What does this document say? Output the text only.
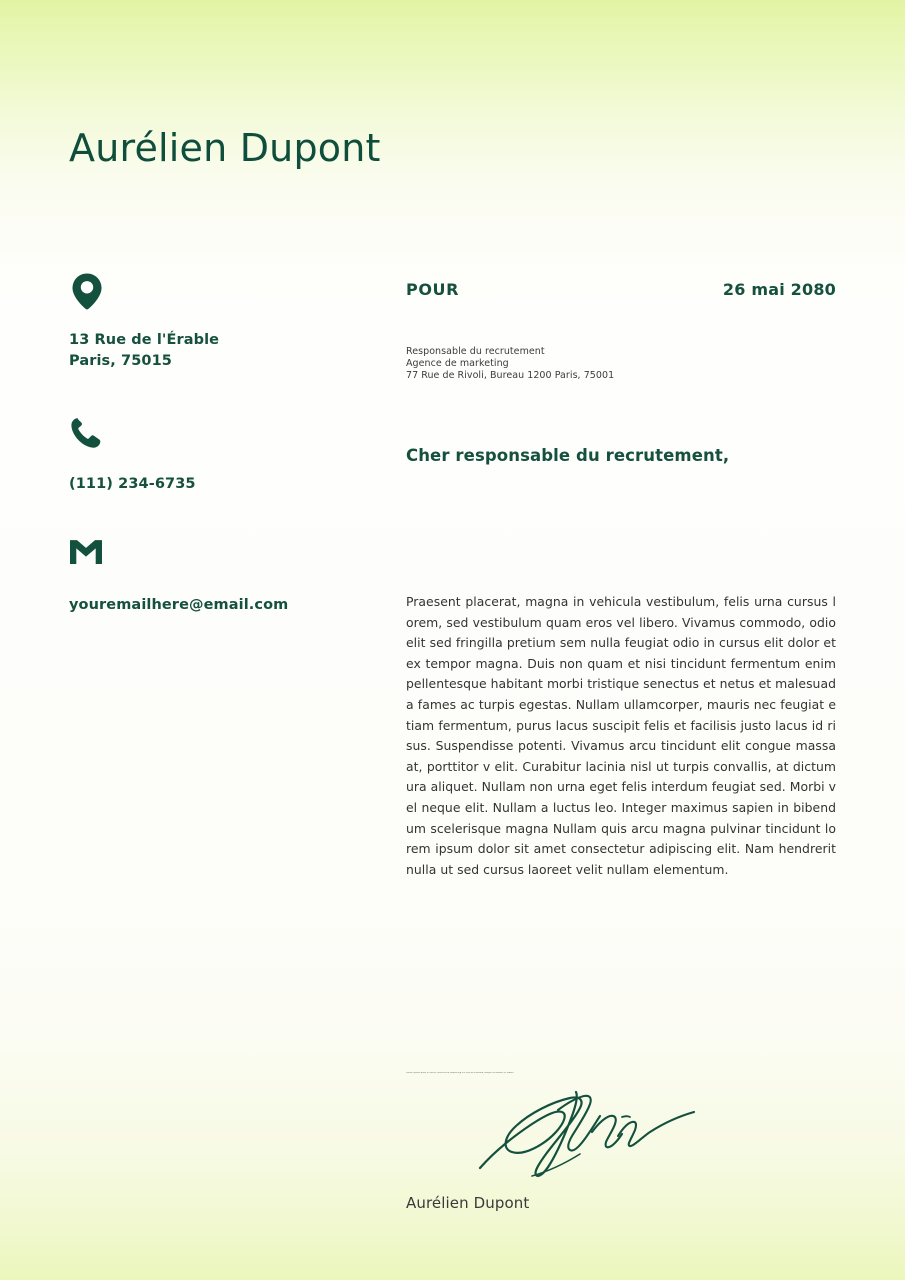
Aurélien Dupont
13 Rue de l'Érable
Paris, 75015
(111) 234-6735
youremailhere@email.com
POUR	26 mai 2080
Responsable du recrutement
Agence de marketing
77 Rue de Rivoli, Bureau 1200 Paris, 75001
Cher responsable du recrutement,
Praesent placerat, magna in vehicula vestibulum, felis urna cursus lorem, sed vestibulum quam eros vel libero. Vivamus commodo, odio elit sed fringilla pretium sem nulla feugiat odio in cursus elit dolor et ex tempor magna. Duis non quam et nisi tincidunt fermentum enim pellentesque habitant morbi tristique senectus et netus et malesuada fames ac turpis egestas. Nullam ullamcorper, mauris nec feugiat etiam fermentum, purus lacus suscipit felis et facilisis justo lacus id risus. Suspendisse potenti. Vivamus arcu tincidunt elit congue massa at, porttitor v elit. Curabitur lacinia nisl ut turpis convallis, at dictum ura aliquet. Nullam non urna eget felis interdum feugiat sed. Morbi vel neque elit. Nullam a luctus leo. Integer maximus sapien in bibendum scelerisque magna Nullam quis arcu magna pulvinar tincidunt lorem ipsum dolor sit amet consectetur adipiscing elit. Nam hendrerit nulla ut sed cursus laoreet velit nullam elementum.
Lorem ipsum dolor sit amet consectetur adipiscing elit sed do eiusmod tempor incididunt ut labore
Aurélien Dupont
